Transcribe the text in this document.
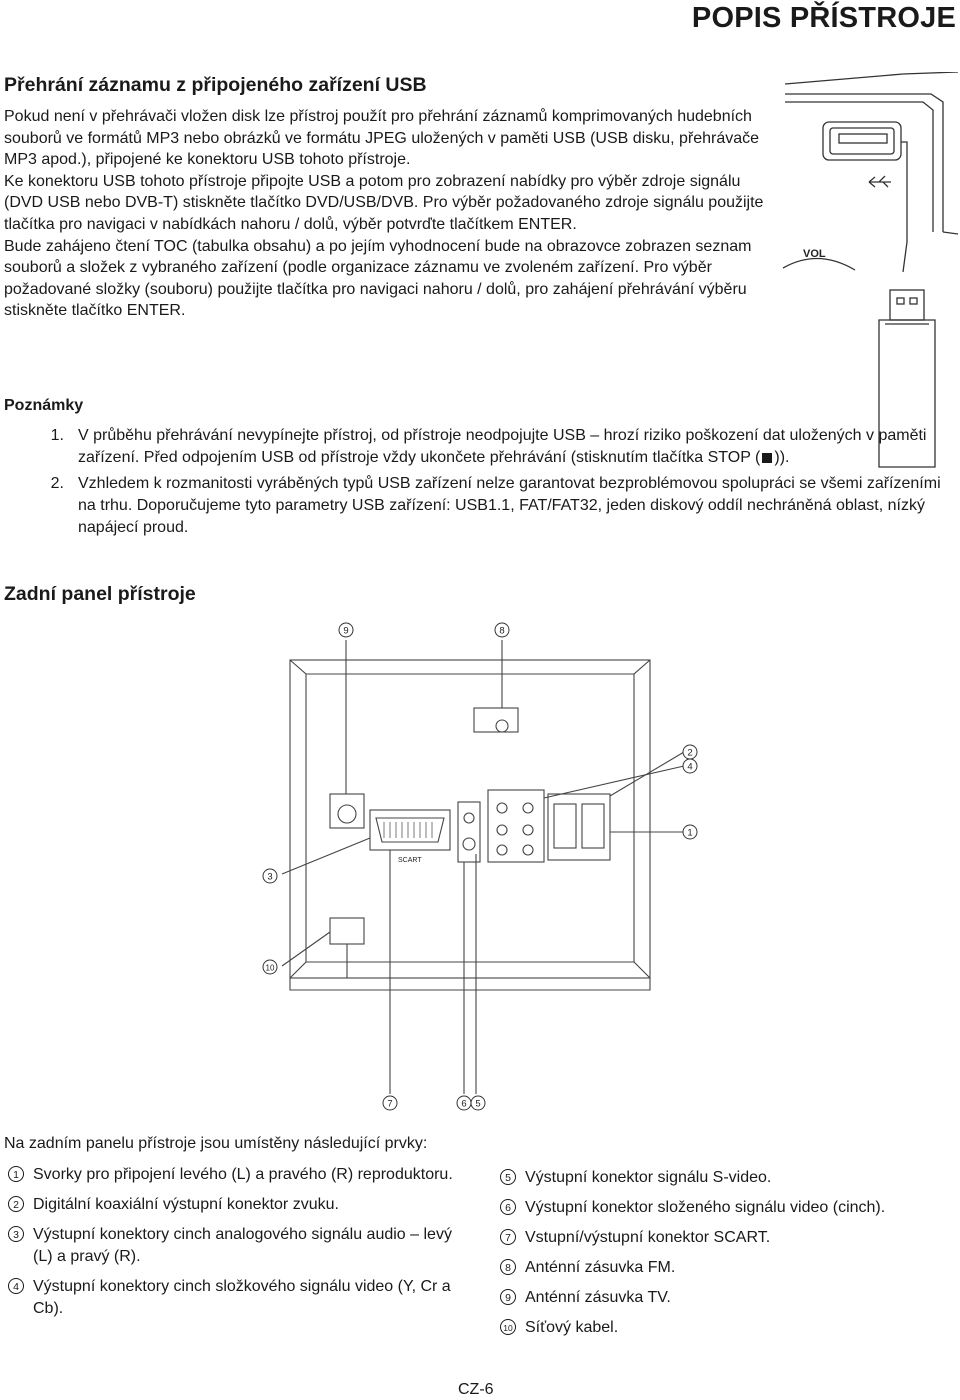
POPIS PŘÍSTROJE
Přehrání záznamu z připojeného zařízení USB

Pokud není v přehrávači vložen disk lze přístroj použít pro přehrání záznamů komprimovaných hudebních souborů ve formátů MP3 nebo obrázků ve formátu JPEG uložených v paměti USB (USB disku, přehrávače MP3 apod.), připojené ke konektoru USB tohoto přístroje.

Ke konektoru USB tohoto přístroje připojte USB a potom pro zobrazení nabídky pro výběr zdroje signálu (DVD USB nebo DVB-T) stiskněte tlačítko DVD/USB/DVB. Pro výběr požadovaného zdroje signálu použijte tlačítka pro navigaci v nabídkách nahoru / dolů, výběr potvrďte tlačítkem ENTER.

Bude zahájeno čtení TOC (tabulka obsahu) a po jejím vyhodnocení bude na obrazovce zobrazen seznam souborů a složek z vybraného zařízení (podle organizace záznamu ve zvoleném zařízení. Pro výběr požadované složky (souboru) použijte tlačítka pro navigaci nahoru / dolů, pro zahájení přehrávání výběru stiskněte tlačítko ENTER.

VOL
Poznámky
1. V průběhu přehrávání nevypínejte přístroj, od přístroje neodpojujte USB – hrozí riziko poškození dat uložených v paměti zařízení. Před odpojením USB od přístroje vždy ukončete přehrávání (stisknutím tlačítka STOP ( )).
2. Vzhledem k rozmanitosti vyráběných typů USB zařízení nelze garantovat bezproblémovou spolupráci se všemi zařízeními na trhu. Doporučujeme tyto parametry USB zařízení: USB1.1, FAT/FAT32, jeden diskový oddíl nechráněná oblast, nízký napájecí proud.
Zadní panel přístroje
SCART
9	8
2
4
1
3
10
7	6 5

Na zadním panelu přístroje jsou umístěny následující prvky:

1 Svorky pro připojení levého (L) a pravého (R) reproduktoru.
2 Digitální koaxiální výstupní konektor zvuku.
3 Výstupní konektory cinch analogového signálu audio – levý (L) a pravý (R).
4 Výstupní konektory cinch složkového signálu video (Y, Cr a Cb).
5 Výstupní konektor signálu S-video.
6 Výstupní konektor složeného signálu video (cinch).
7 Vstupní/výstupní konektor SCART.
8 Anténní zásuvka FM.
9 Anténní zásuvka TV.
10 Síťový kabel.

CZ-6
